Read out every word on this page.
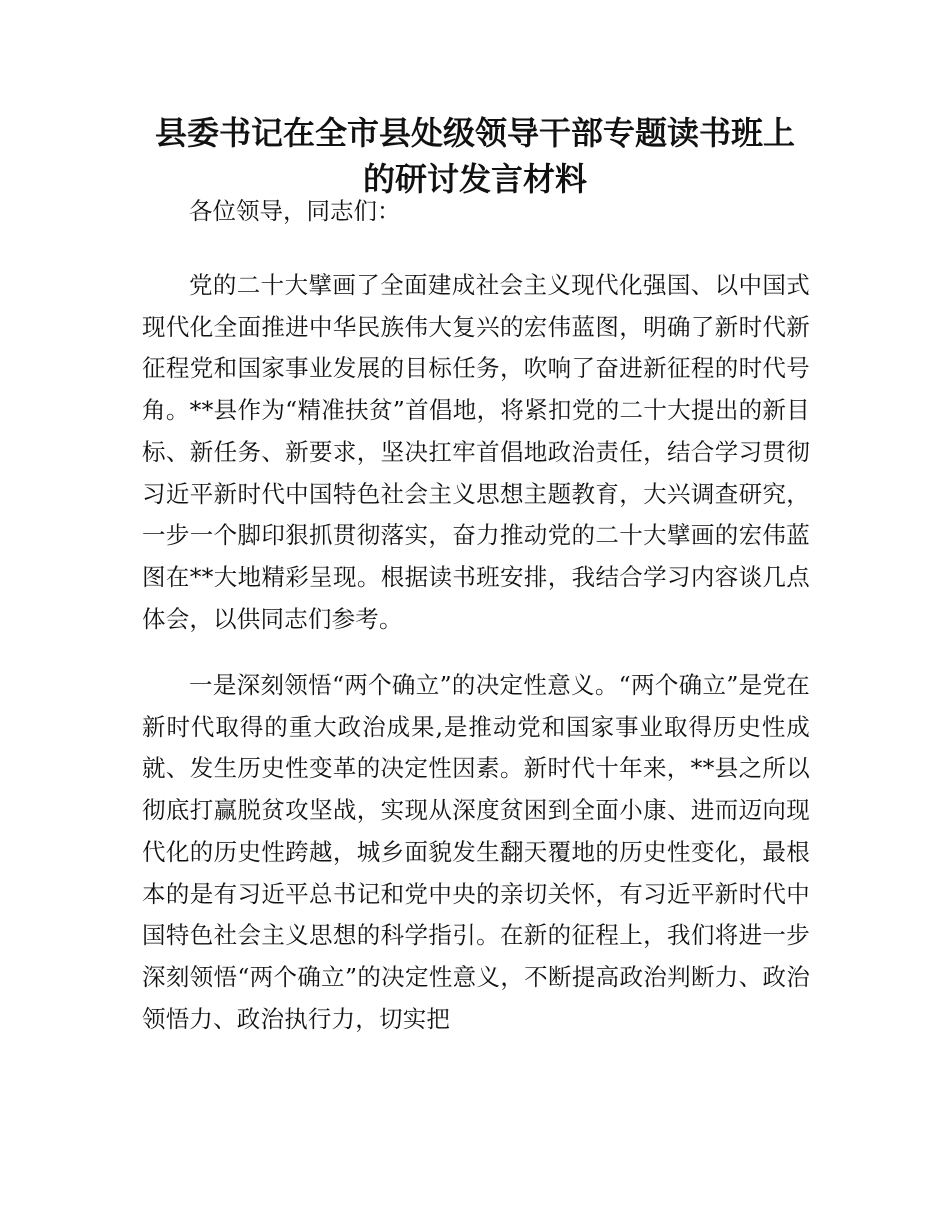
县委书记在全市县处级领导干部专题读书班上的研讨发言材料

各位领导，同志们：

党的二十大擘画了全面建成社会主义现代化强国、以中国式现代化全面推进中华民族伟大复兴的宏伟蓝图，明确了新时代新征程党和国家事业发展的目标任务，吹响了奋进新征程的时代号角。**县作为“精准扶贫”首倡地，将紧扣党的二十大提出的新目标、新任务、新要求，坚决扛牢首倡地政治责任，结合学习贯彻习近平新时代中国特色社会主义思想主题教育，大兴调查研究，一步一个脚印狠抓贯彻落实，奋力推动党的二十大擘画的宏伟蓝图在**大地精彩呈现。根据读书班安排，我结合学习内容谈几点体会，以供同志们参考。

一是深刻领悟“两个确立”的决定性意义。“两个确立”是党在新时代取得的重大政治成果,是推动党和国家事业取得历史性成就、发生历史性变革的决定性因素。新时代十年来，**县之所以彻底打赢脱贫攻坚战，实现从深度贫困到全面小康、进而迈向现代化的历史性跨越，城乡面貌发生翻天覆地的历史性变化，最根本的是有习近平总书记和党中央的亲切关怀，有习近平新时代中国特色社会主义思想的科学指引。在新的征程上，我们将进一步深刻领悟“两个确立”的决定性意义，不断提高政治判断力、政治领悟力、政治执行力，切实把
